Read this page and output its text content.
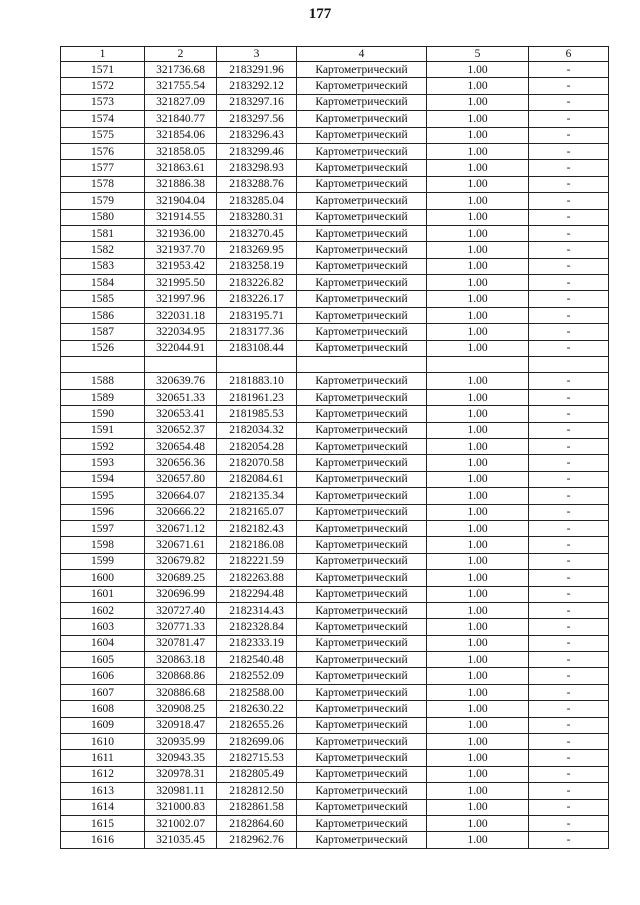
177
1	2	3	4	5	6
1571	321736.68	2183291.96	Картометрический	1.00	-
1572	321755.54	2183292.12	Картометрический	1.00	-
1573	321827.09	2183297.16	Картометрический	1.00	-
1574	321840.77	2183297.56	Картометрический	1.00	-
1575	321854.06	2183296.43	Картометрический	1.00	-
1576	321858.05	2183299.46	Картометрический	1.00	-
1577	321863.61	2183298.93	Картометрический	1.00	-
1578	321886.38	2183288.76	Картометрический	1.00	-
1579	321904.04	2183285.04	Картометрический	1.00	-
1580	321914.55	2183280.31	Картометрический	1.00	-
1581	321936.00	2183270.45	Картометрический	1.00	-
1582	321937.70	2183269.95	Картометрический	1.00	-
1583	321953.42	2183258.19	Картометрический	1.00	-
1584	321995.50	2183226.82	Картометрический	1.00	-
1585	321997.96	2183226.17	Картометрический	1.00	-
1586	322031.18	2183195.71	Картометрический	1.00	-
1587	322034.95	2183177.36	Картометрический	1.00	-
1526	322044.91	2183108.44	Картометрический	1.00	-

1588	320639.76	2181883.10	Картометрический	1.00	-
1589	320651.33	2181961.23	Картометрический	1.00	-
1590	320653.41	2181985.53	Картометрический	1.00	-
1591	320652.37	2182034.32	Картометрический	1.00	-
1592	320654.48	2182054.28	Картометрический	1.00	-
1593	320656.36	2182070.58	Картометрический	1.00	-
1594	320657.80	2182084.61	Картометрический	1.00	-
1595	320664.07	2182135.34	Картометрический	1.00	-
1596	320666.22	2182165.07	Картометрический	1.00	-
1597	320671.12	2182182.43	Картометрический	1.00	-
1598	320671.61	2182186.08	Картометрический	1.00	-
1599	320679.82	2182221.59	Картометрический	1.00	-
1600	320689.25	2182263.88	Картометрический	1.00	-
1601	320696.99	2182294.48	Картометрический	1.00	-
1602	320727.40	2182314.43	Картометрический	1.00	-
1603	320771.33	2182328.84	Картометрический	1.00	-
1604	320781.47	2182333.19	Картометрический	1.00	-
1605	320863.18	2182540.48	Картометрический	1.00	-
1606	320868.86	2182552.09	Картометрический	1.00	-
1607	320886.68	2182588.00	Картометрический	1.00	-
1608	320908.25	2182630.22	Картометрический	1.00	-
1609	320918.47	2182655.26	Картометрический	1.00	-
1610	320935.99	2182699.06	Картометрический	1.00	-
1611	320943.35	2182715.53	Картометрический	1.00	-
1612	320978.31	2182805.49	Картометрический	1.00	-
1613	320981.11	2182812.50	Картометрический	1.00	-
1614	321000.83	2182861.58	Картометрический	1.00	-
1615	321002.07	2182864.60	Картометрический	1.00	-
1616	321035.45	2182962.76	Картометрический	1.00	-
